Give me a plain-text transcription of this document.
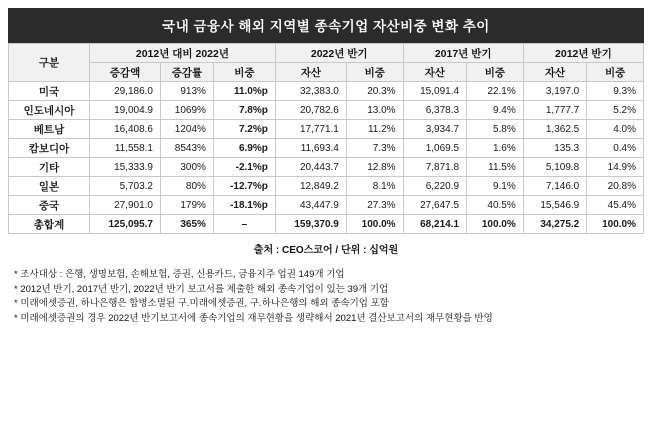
국내 금융사 해외 지역별 종속기업 자산비중 변화 추이
구분	2012년 대비 2022년			2022년 반기		2017년 반기		2012년 반기	
	증감액	증감률	비중	자산	비중	자산	비중	자산	비중
미국	29,186.0	913%	11.0%p	32,383.0	20.3%	15,091.4	22.1%	3,197.0	9.3%
인도네시아	19,004.9	1069%	7.8%p	20,782.6	13.0%	6,378.3	9.4%	1,777.7	5.2%
베트남	16,408.6	1204%	7.2%p	17,771.1	11.2%	3,934.7	5.8%	1,362.5	4.0%
캄보디아	11,558.1	8543%	6.9%p	11,693.4	7.3%	1,069.5	1.6%	135.3	0.4%
기타	15,333.9	300%	-2.1%p	20,443.7	12.8%	7,871.8	11.5%	5,109.8	14.9%
일본	5,703.2	80%	-12.7%p	12,849.2	8.1%	6,220.9	9.1%	7,146.0	20.8%
중국	27,901.0	179%	-18.1%p	43,447.9	27.3%	27,647.5	40.5%	15,546.9	45.4%
총합계	125,095.7	365%	–	159,370.9	100.0%	68,214.1	100.0%	34,275.2	100.0%
출처 : CEO스코어 / 단위 : 십억원
* 조사대상 : 은행, 생명보험, 손해보험, 증권, 신용카드, 금융지주 업권 149개 기업
* 2012년 반기, 2017년 반기, 2022년 반기 보고서를 제출한 해외 종속기업이 있는 39개 기업
* 미래에셋증권, 하나은행은 합병소멸된 구.미래에셋증권, 구.하나은행의 해외 종속기업 포함
* 미래에셋증권의 경우 2022년 반기보고서에 종속기업의 재무현황을 생략해서 2021년 결산보고서의 재무현황을 반영
